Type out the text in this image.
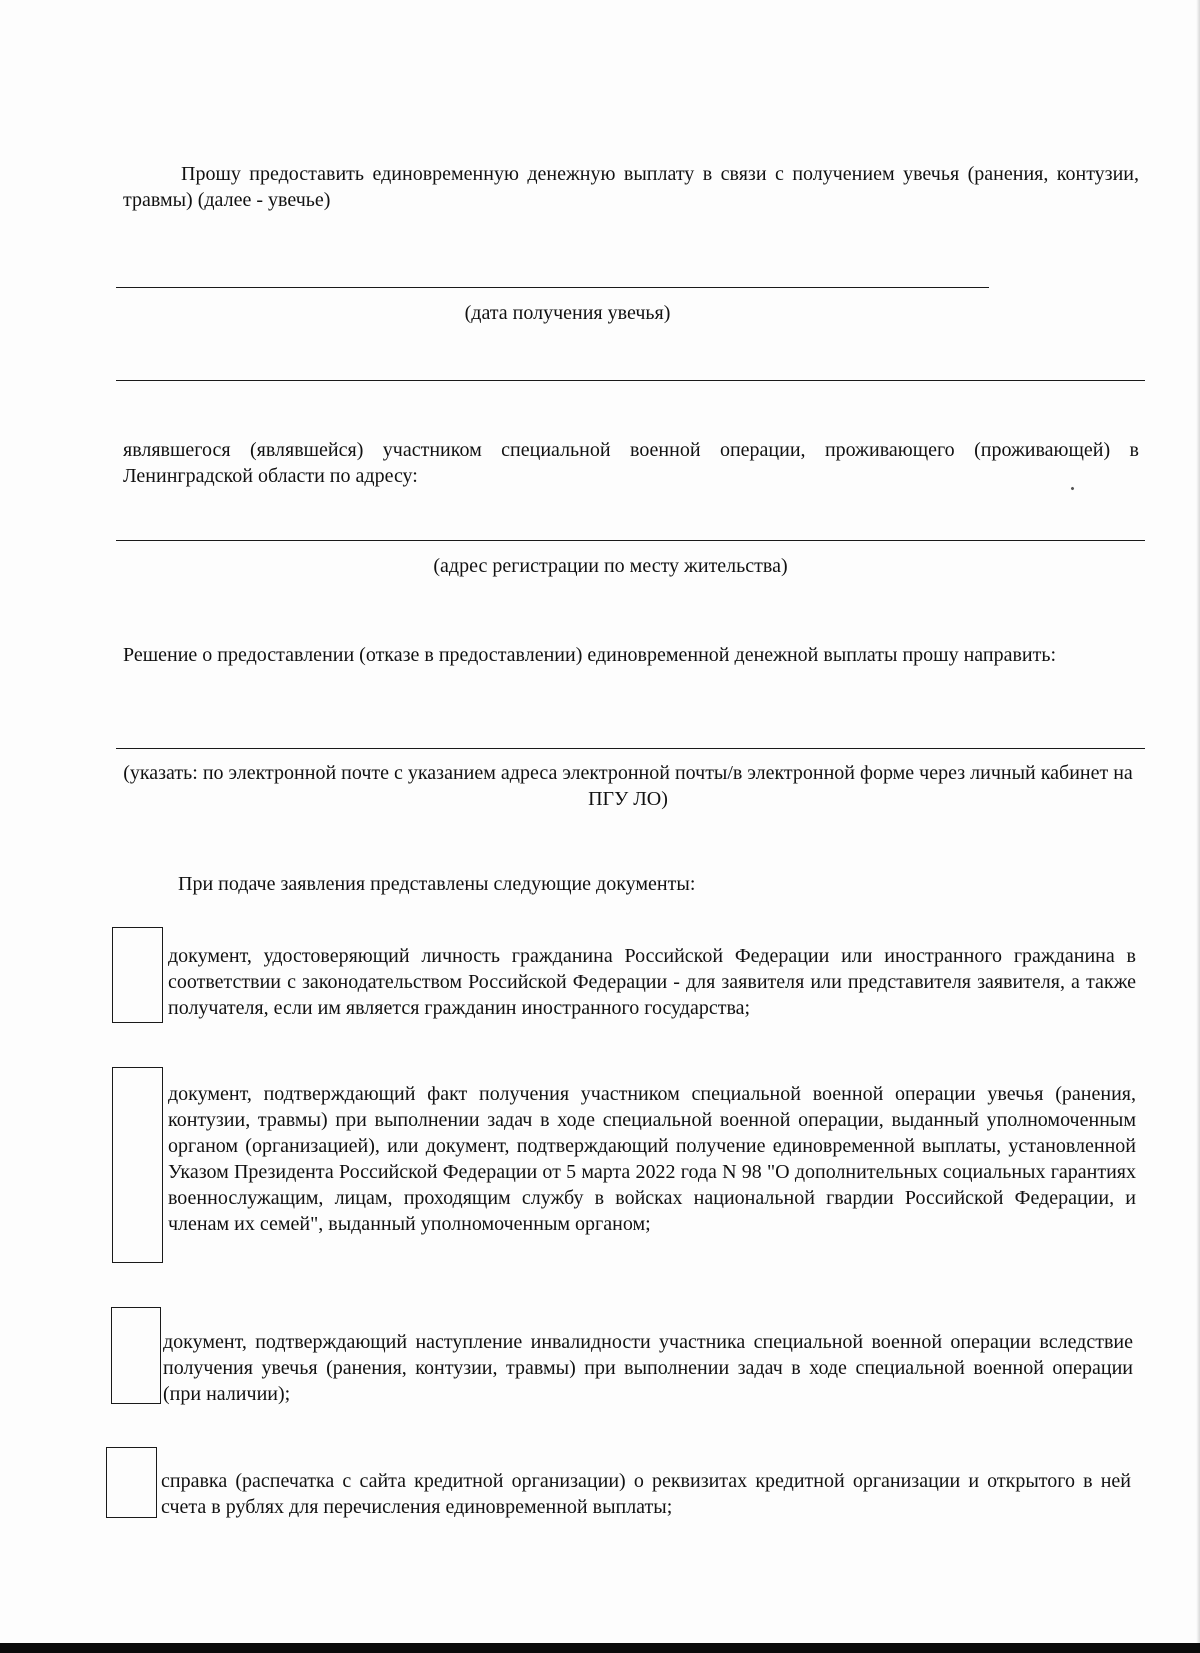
Прошу предоставить единовременную денежную выплату в связи с получением увечья (ранения, контузии, травмы) (далее - увечье)
(дата получения увечья)
являвшегося (являвшейся) участником специальной военной операции, проживающего (проживающей) в Ленинградской области по адресу:
(адрес регистрации по месту жительства)
Решение о предоставлении (отказе в предоставлении) единовременной денежной выплаты прошу направить:
(указать: по электронной почте с указанием адреса электронной почты/в электронной форме через личный кабинет на ПГУ ЛО)
При подаче заявления представлены следующие документы:
документ, удостоверяющий личность гражданина Российской Федерации или иностранного гражданина в соответствии с законодательством Российской Федерации - для заявителя или представителя заявителя, а также получателя, если им является гражданин иностранного государства;
документ, подтверждающий факт получения участником специальной военной операции увечья (ранения, контузии, травмы) при выполнении задач в ходе специальной военной операции, выданный уполномоченным органом (организацией), или документ, подтверждающий получение единовременной выплаты, установленной Указом Президента Российской Федерации от 5 марта 2022 года N 98 "О дополнительных социальных гарантиях военнослужащим, лицам, проходящим службу в войсках национальной гвардии Российской Федерации, и членам их семей", выданный уполномоченным органом;
документ, подтверждающий наступление инвалидности участника специальной военной операции вследствие получения увечья (ранения, контузии, травмы) при выполнении задач в ходе специальной военной операции (при наличии);
справка (распечатка с сайта кредитной организации) о реквизитах кредитной организации и открытого в ней счета в рублях для перечисления единовременной выплаты;
